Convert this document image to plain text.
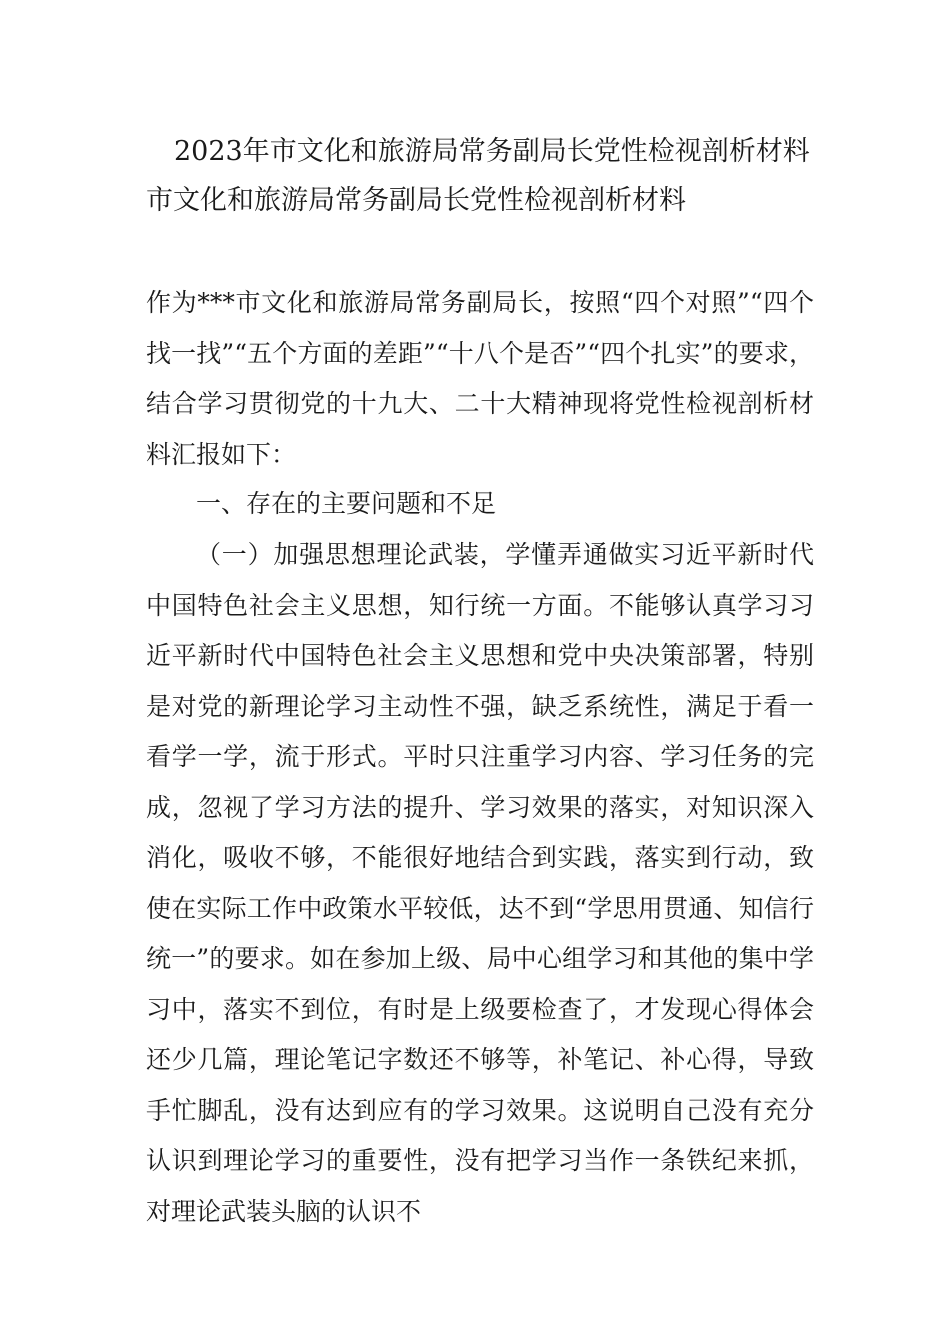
2023年市文化和旅游局常务副局长党性检视剖析材料
市文化和旅游局常务副局长党性检视剖析材料

作为***市文化和旅游局常务副局长，按照“四个对照”“四个找一找”“五个方面的差距”“十八个是否”“四个扎实”的要求，结合学习贯彻党的十九大、二十大精神现将党性检视剖析材料汇报如下：

一、存在的主要问题和不足

（一）加强思想理论武装，学懂弄通做实习近平新时代中国特色社会主义思想，知行统一方面。不能够认真学习习近平新时代中国特色社会主义思想和党中央决策部署，特别是对党的新理论学习主动性不强，缺乏系统性，满足于看一看学一学，流于形式。平时只注重学习内容、学习任务的完成，忽视了学习方法的提升、学习效果的落实，对知识深入消化，吸收不够，不能很好地结合到实践，落实到行动，致使在实际工作中政策水平较低，达不到“学思用贯通、知信行统一”的要求。如在参加上级、局中心组学习和其他的集中学习中，落实不到位，有时是上级要检查了，才发现心得体会还少几篇，理论笔记字数还不够等，补笔记、补心得，导致手忙脚乱，没有达到应有的学习效果。这说明自己没有充分认识到理论学习的重要性，没有把学习当作一条铁纪来抓，对理论武装头脑的认识不
